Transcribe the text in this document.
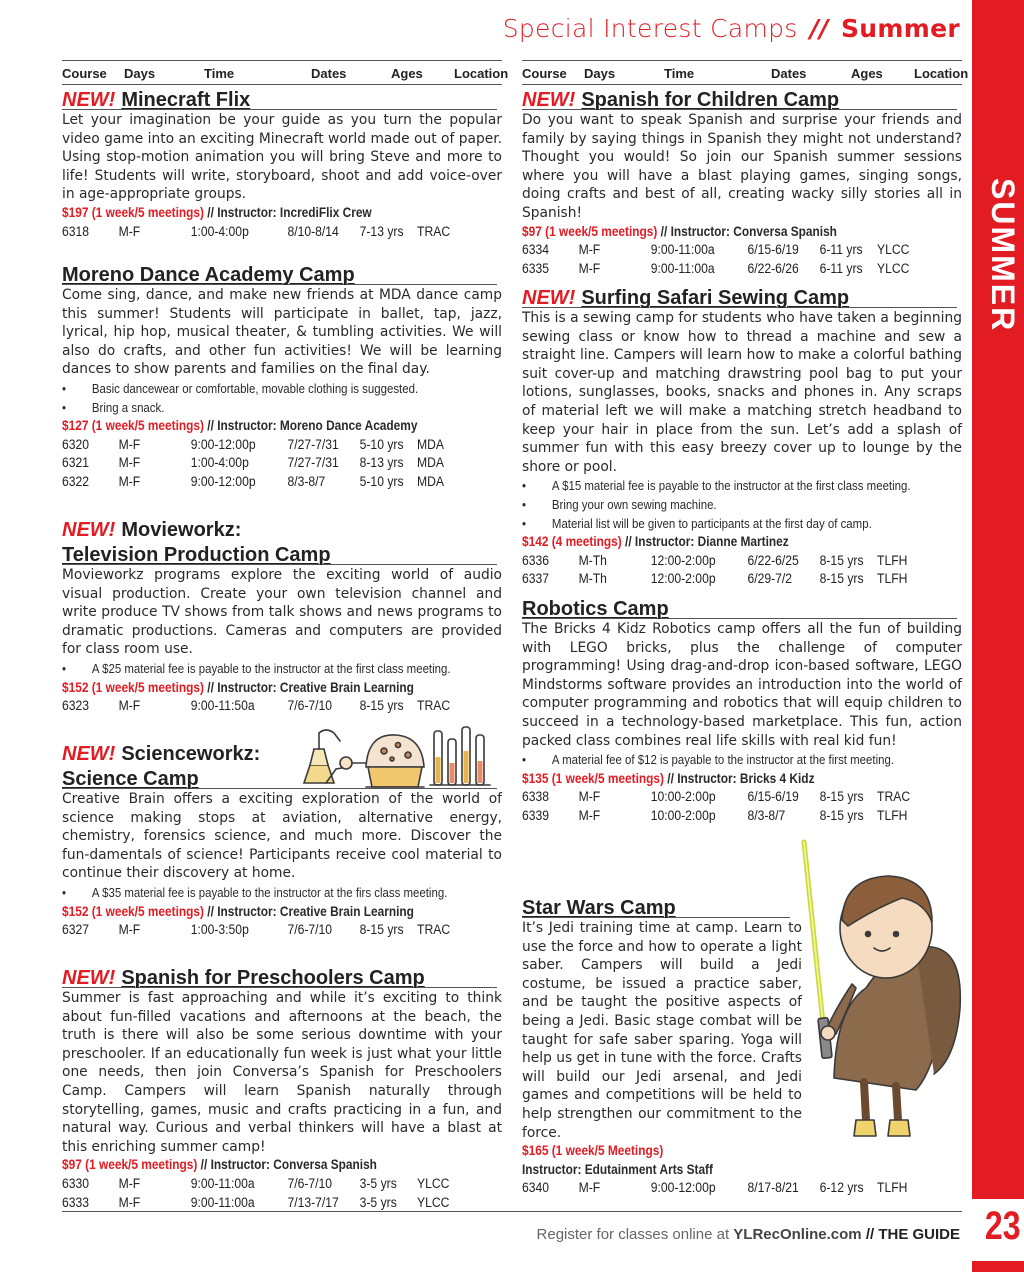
Special Interest Camps // Summer
SUMMER
23
Course	Days	Time	Dates	Ages	Location
NEW! Minecraft Flix

Let your imagination be your guide as you turn the popular video game into an exciting Minecraft world made out of paper. Using stop-motion animation you will bring Steve and more to life! Students will write, storyboard, shoot and add voice-over in age-appropriate groups.

$197 (1 week/5 meetings) // Instructor: IncrediFlix Crew
6318	M-F	1:00-4:00p	8/10-8/14	7-13 yrs TRAC
Moreno Dance Academy Camp

Come sing, dance, and make new friends at MDA dance camp this summer! Students will participate in ballet, tap, jazz, lyrical, hip hop, musical theater, & tumbling activities. We will also do crafts, and other fun activities! We will be learning dances to show parents and families on the final day.

• Basic dancewear or comfortable, movable clothing is suggested.
• Bring a snack.
$127 (1 week/5 meetings) // Instructor: Moreno Dance Academy
6320	M-F	9:00-12:00p	7/27-7/31	5-10 yrs MDA
6321	M-F	1:00-4:00p	7/27-7/31	8-13 yrs MDA
6322	M-F	9:00-12:00p	8/3-8/7	5-10 yrs MDA
NEW! Movieworkz:
Television Production Camp

Movieworkz programs explore the exciting world of audio visual production. Create your own television channel and write produce TV shows from talk shows and news programs to dramatic productions. Cameras and computers are provided for class room use.

• A $25 material fee is payable to the instructor at the first class meeting.
$152 (1 week/5 meetings) // Instructor: Creative Brain Learning
6323	M-F	9:00-11:50a	7/6-7/10	8-15 yrs TRAC
NEW! Scienceworkz:
Science Camp

Creative Brain offers a exciting exploration of the world of science making stops at aviation, alternative energy, chemistry, forensics science, and much more. Discover the fun-damentals of science! Participants receive cool material to continue their discovery at home.

• A $35 material fee is payable to the instructor at the firs class meeting.
$152 (1 week/5 meetings) // Instructor: Creative Brain Learning
6327	M-F	1:00-3:50p	7/6-7/10	8-15 yrs TRAC
NEW! Spanish for Preschoolers Camp

Summer is fast approaching and while it’s exciting to think about fun-filled vacations and afternoons at the beach, the truth is there will also be some serious downtime with your preschooler. If an educationally fun week is just what your little one needs, then join Conversa’s Spanish for Preschoolers Camp. Campers will learn Spanish naturally through storytelling, games, music and crafts practicing in a fun, and natural way. Curious and verbal thinkers will have a blast at this enriching summer camp!

$97 (1 week/5 meetings) // Instructor: Conversa Spanish
6330	M-F	9:00-11:00a	7/6-7/10	3-5 yrs	YLCC
6333	M-F	9:00-11:00a	7/13-7/17	3-5 yrs	YLCC
Course	Days	Time	Dates	Ages	Location
NEW! Spanish for Children Camp

Do you want to speak Spanish and surprise your friends and family by saying things in Spanish they might not understand? Thought you would! So join our Spanish summer sessions where you will have a blast playing games, singing songs, doing crafts and best of all, creating wacky silly stories all in Spanish!

$97 (1 week/5 meetings) // Instructor: Conversa Spanish
6334	M-F	9:00-11:00a	6/15-6/19	6-11 yrs	YLCC
6335	M-F	9:00-11:00a	6/22-6/26	6-11 yrs	YLCC
NEW! Surfing Safari Sewing Camp

This is a sewing camp for students who have taken a beginning sewing class or know how to thread a machine and sew a straight line. Campers will learn how to make a colorful bathing suit cover-up and matching drawstring pool bag to put your lotions, sunglasses, books, snacks and phones in. Any scraps of material left we will make a matching stretch headband to keep your hair in place from the sun. Let’s add a splash of summer fun with this easy breezy cover up to lounge by the shore or pool.

• A $15 material fee is payable to the instructor at the first class meeting.
• Bring your own sewing machine.
• Material list will be given to participants at the first day of camp.
$142 (4 meetings) // Instructor: Dianne Martinez
6336	M-Th	12:00-2:00p	6/22-6/25	8-15 yrs TLFH
6337	M-Th	12:00-2:00p	6/29-7/2	8-15 yrs TLFH
Robotics Camp

The Bricks 4 Kidz Robotics camp offers all the fun of building with LEGO bricks, plus the challenge of computer programming! Using drag-and-drop icon-based software, LEGO Mindstorms software provides an introduction into the world of computer programming and robotics that will equip children to succeed in a technology-based marketplace. This fun, action packed class combines real life skills with real kid fun!

• A material fee of $12 is payable to the instructor at the first meeting.
$135 (1 week/5 meetings) // Instructor: Bricks 4 Kidz
6338	M-F	10:00-2:00p	6/15-6/19	8-15 yrs TRAC
6339	M-F	10:00-2:00p	8/3-8/7	8-15 yrs TLFH
Star Wars Camp

It’s Jedi training time at camp. Learn to use the force and how to operate a light saber. Campers will build a Jedi costume, be issued a practice saber, and be taught the positive aspects of being a Jedi. Basic stage combat will be taught for safe saber sparing. Yoga will help us get in tune with the force. Crafts will build our Jedi arsenal, and Jedi games and competitions will be held to help strengthen our commitment to the force.

$165 (1 week/5 Meetings)
Instructor: Edutainment Arts Staff
6340	M-F	9:00-12:00p	8/17-8/21	6-12 yrs TLFH
Register for classes online at YLRecOnline.com // THE GUIDE
